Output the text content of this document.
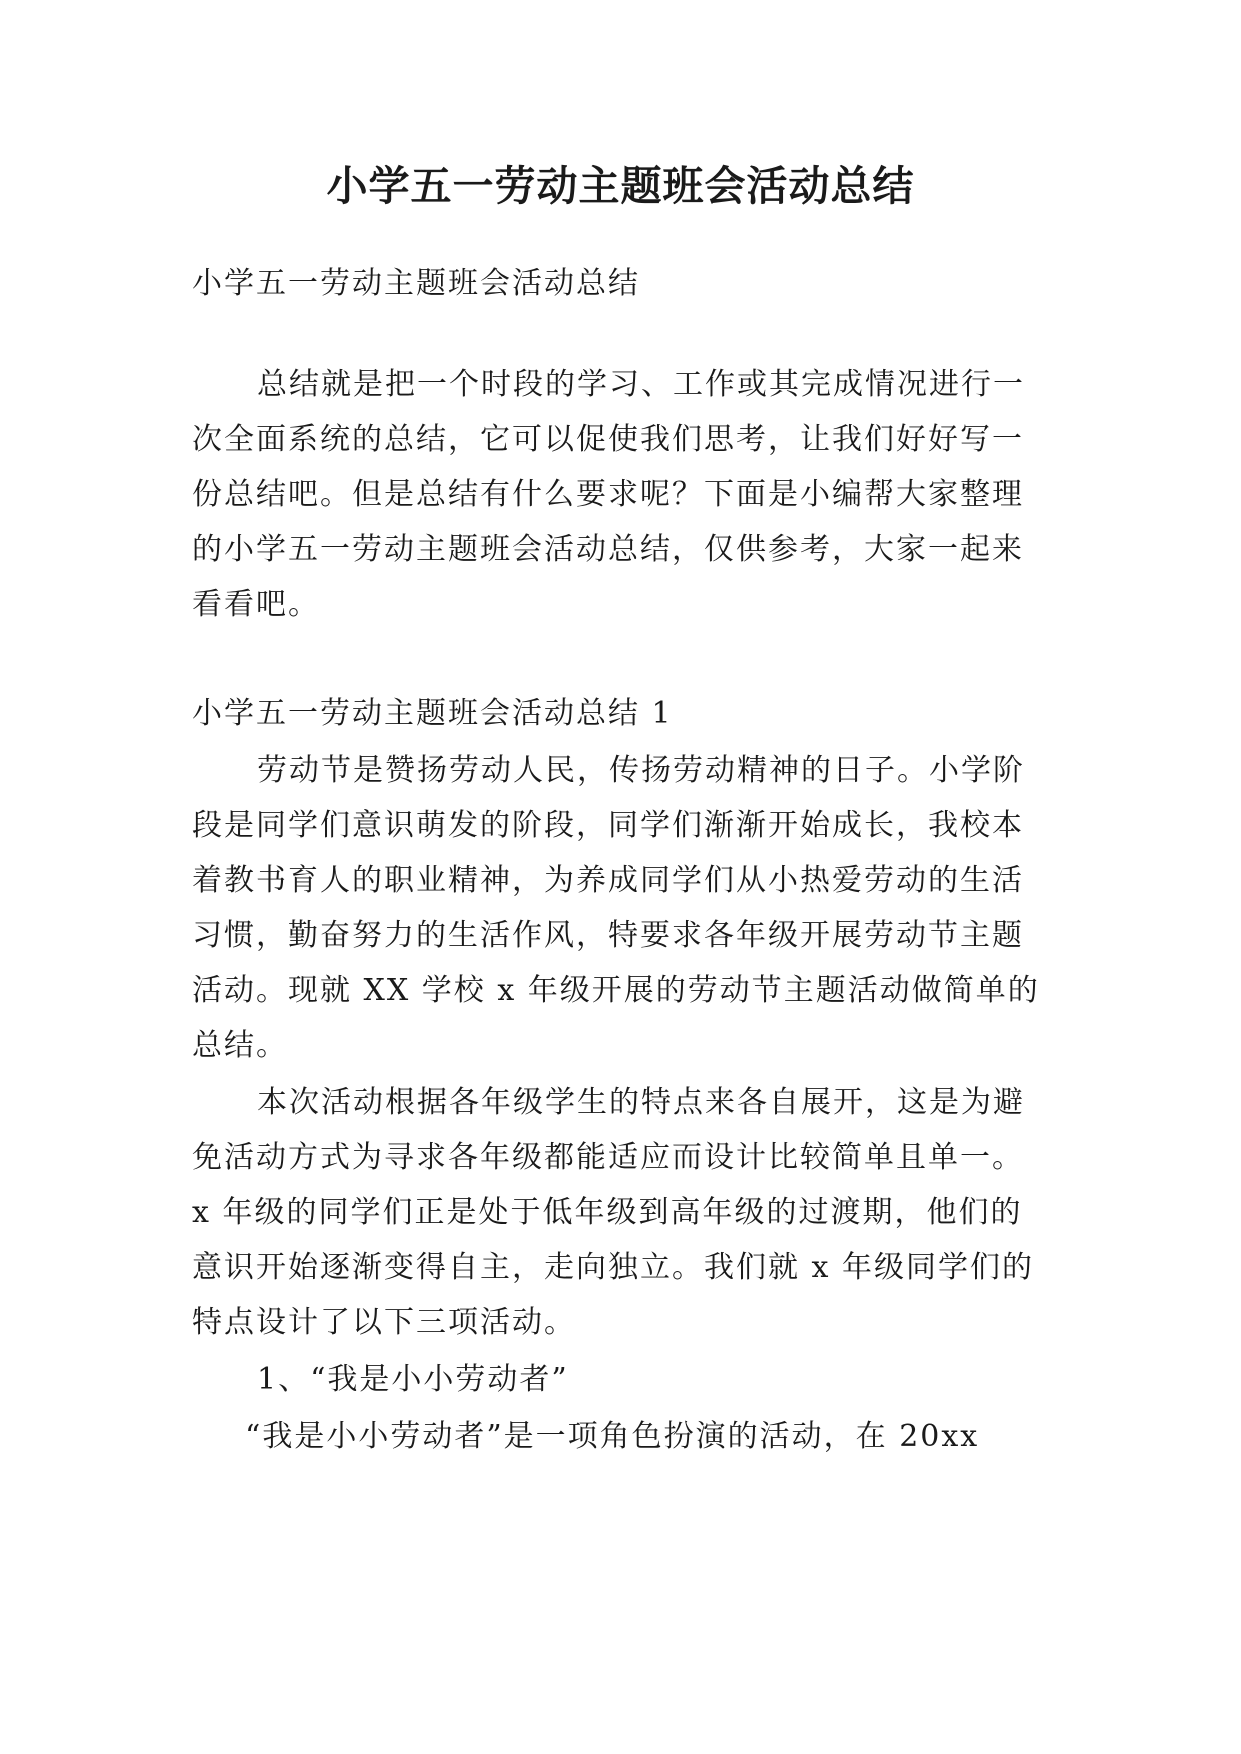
小学五一劳动主题班会活动总结
小学五一劳动主题班会活动总结
总结就是把一个时段的学习、工作或其完成情况进行一
次全面系统的总结，它可以促使我们思考，让我们好好写一
份总结吧。但是总结有什么要求呢？下面是小编帮大家整理
的小学五一劳动主题班会活动总结，仅供参考，大家一起来
看看吧。
小学五一劳动主题班会活动总结 1
劳动节是赞扬劳动人民，传扬劳动精神的日子。小学阶
段是同学们意识萌发的阶段，同学们渐渐开始成长，我校本
着教书育人的职业精神，为养成同学们从小热爱劳动的生活
习惯，勤奋努力的生活作风，特要求各年级开展劳动节主题
活动。现就 XX 学校 x 年级开展的劳动节主题活动做简单的
总结。
本次活动根据各年级学生的特点来各自展开，这是为避
免活动方式为寻求各年级都能适应而设计比较简单且单一。
x 年级的同学们正是处于低年级到高年级的过渡期，他们的
意识开始逐渐变得自主，走向独立。我们就 x 年级同学们的
特点设计了以下三项活动。
1、“我是小小劳动者”
“我是小小劳动者”是一项角色扮演的活动，在 20xx
